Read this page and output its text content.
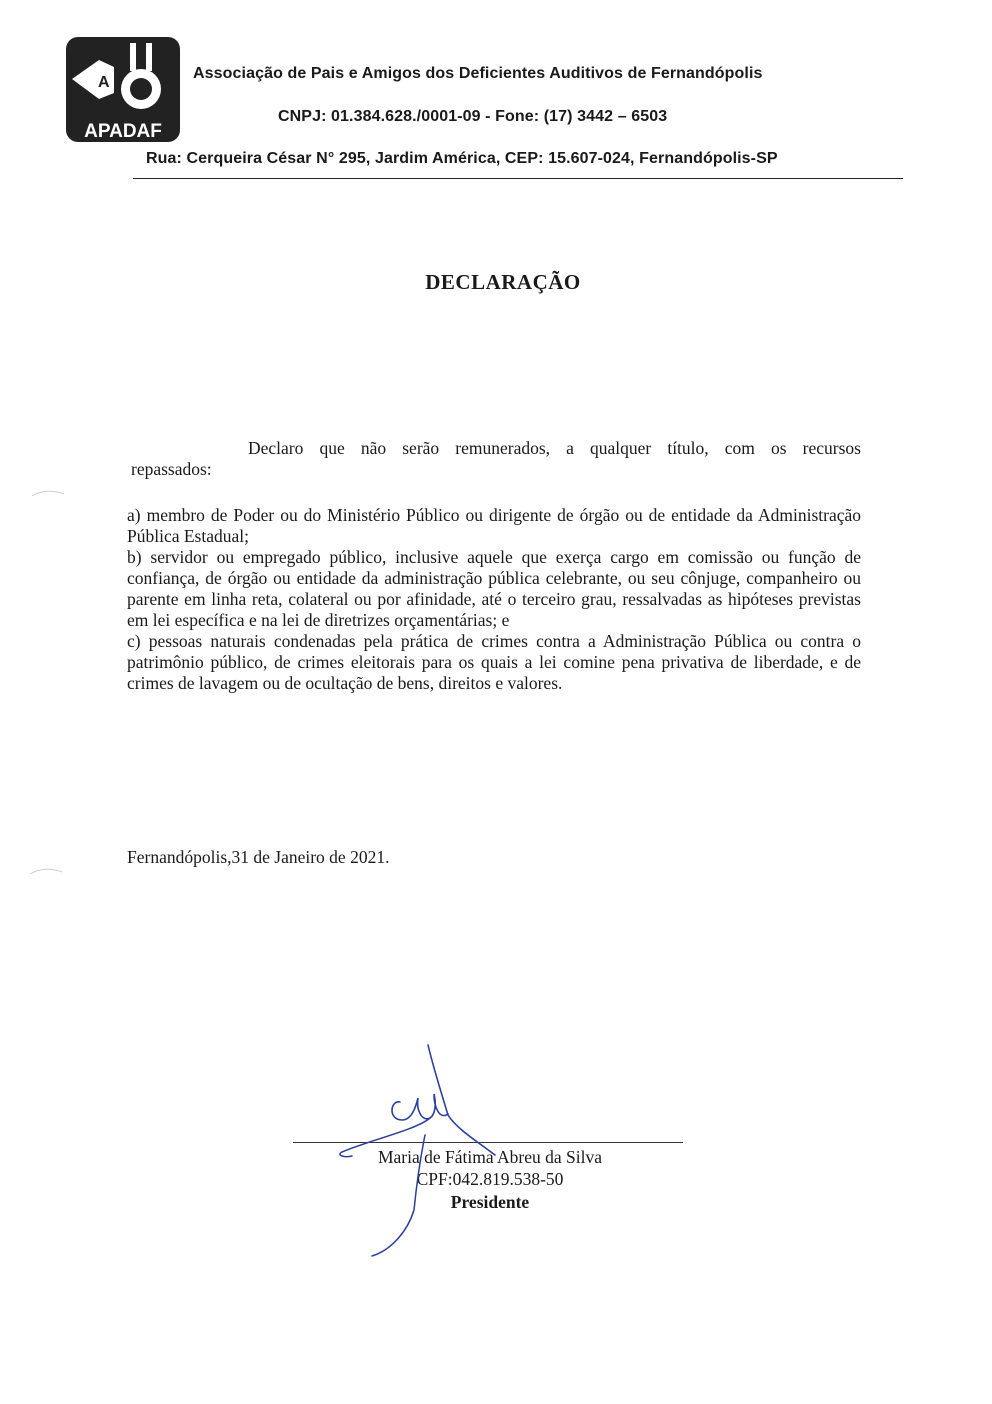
A
APADAF
Associação de Pais e Amigos dos Deficientes Auditivos de Fernandópolis
CNPJ: 01.384.628./0001-09 - Fone: (17) 3442 – 6503
Rua: Cerqueira César N° 295, Jardim América, CEP: 15.607-024, Fernandópolis-SP
DECLARAÇÃO
Declaro que não serão remunerados, a qualquer título, com os recursos
repassados:

a) membro de Poder ou do Ministério Público ou dirigente de órgão ou de entidade da Administração Pública Estadual;

b) servidor ou empregado público, inclusive aquele que exerça cargo em comissão ou função de confiança, de órgão ou entidade da administração pública celebrante, ou seu cônjuge, companheiro ou parente em linha reta, colateral ou por afinidade, até o terceiro grau, ressalvadas as hipóteses previstas em lei específica e na lei de diretrizes orçamentárias; e

c) pessoas naturais condenadas pela prática de crimes contra a Administração Pública ou contra o patrimônio público, de crimes eleitorais para os quais a lei comine pena privativa de liberdade, e de crimes de lavagem ou de ocultação de bens, direitos e valores.

Fernandópolis,31 de Janeiro de 2021.
Maria de Fátima Abreu da Silva
CPF:042.819.538-50
Presidente
